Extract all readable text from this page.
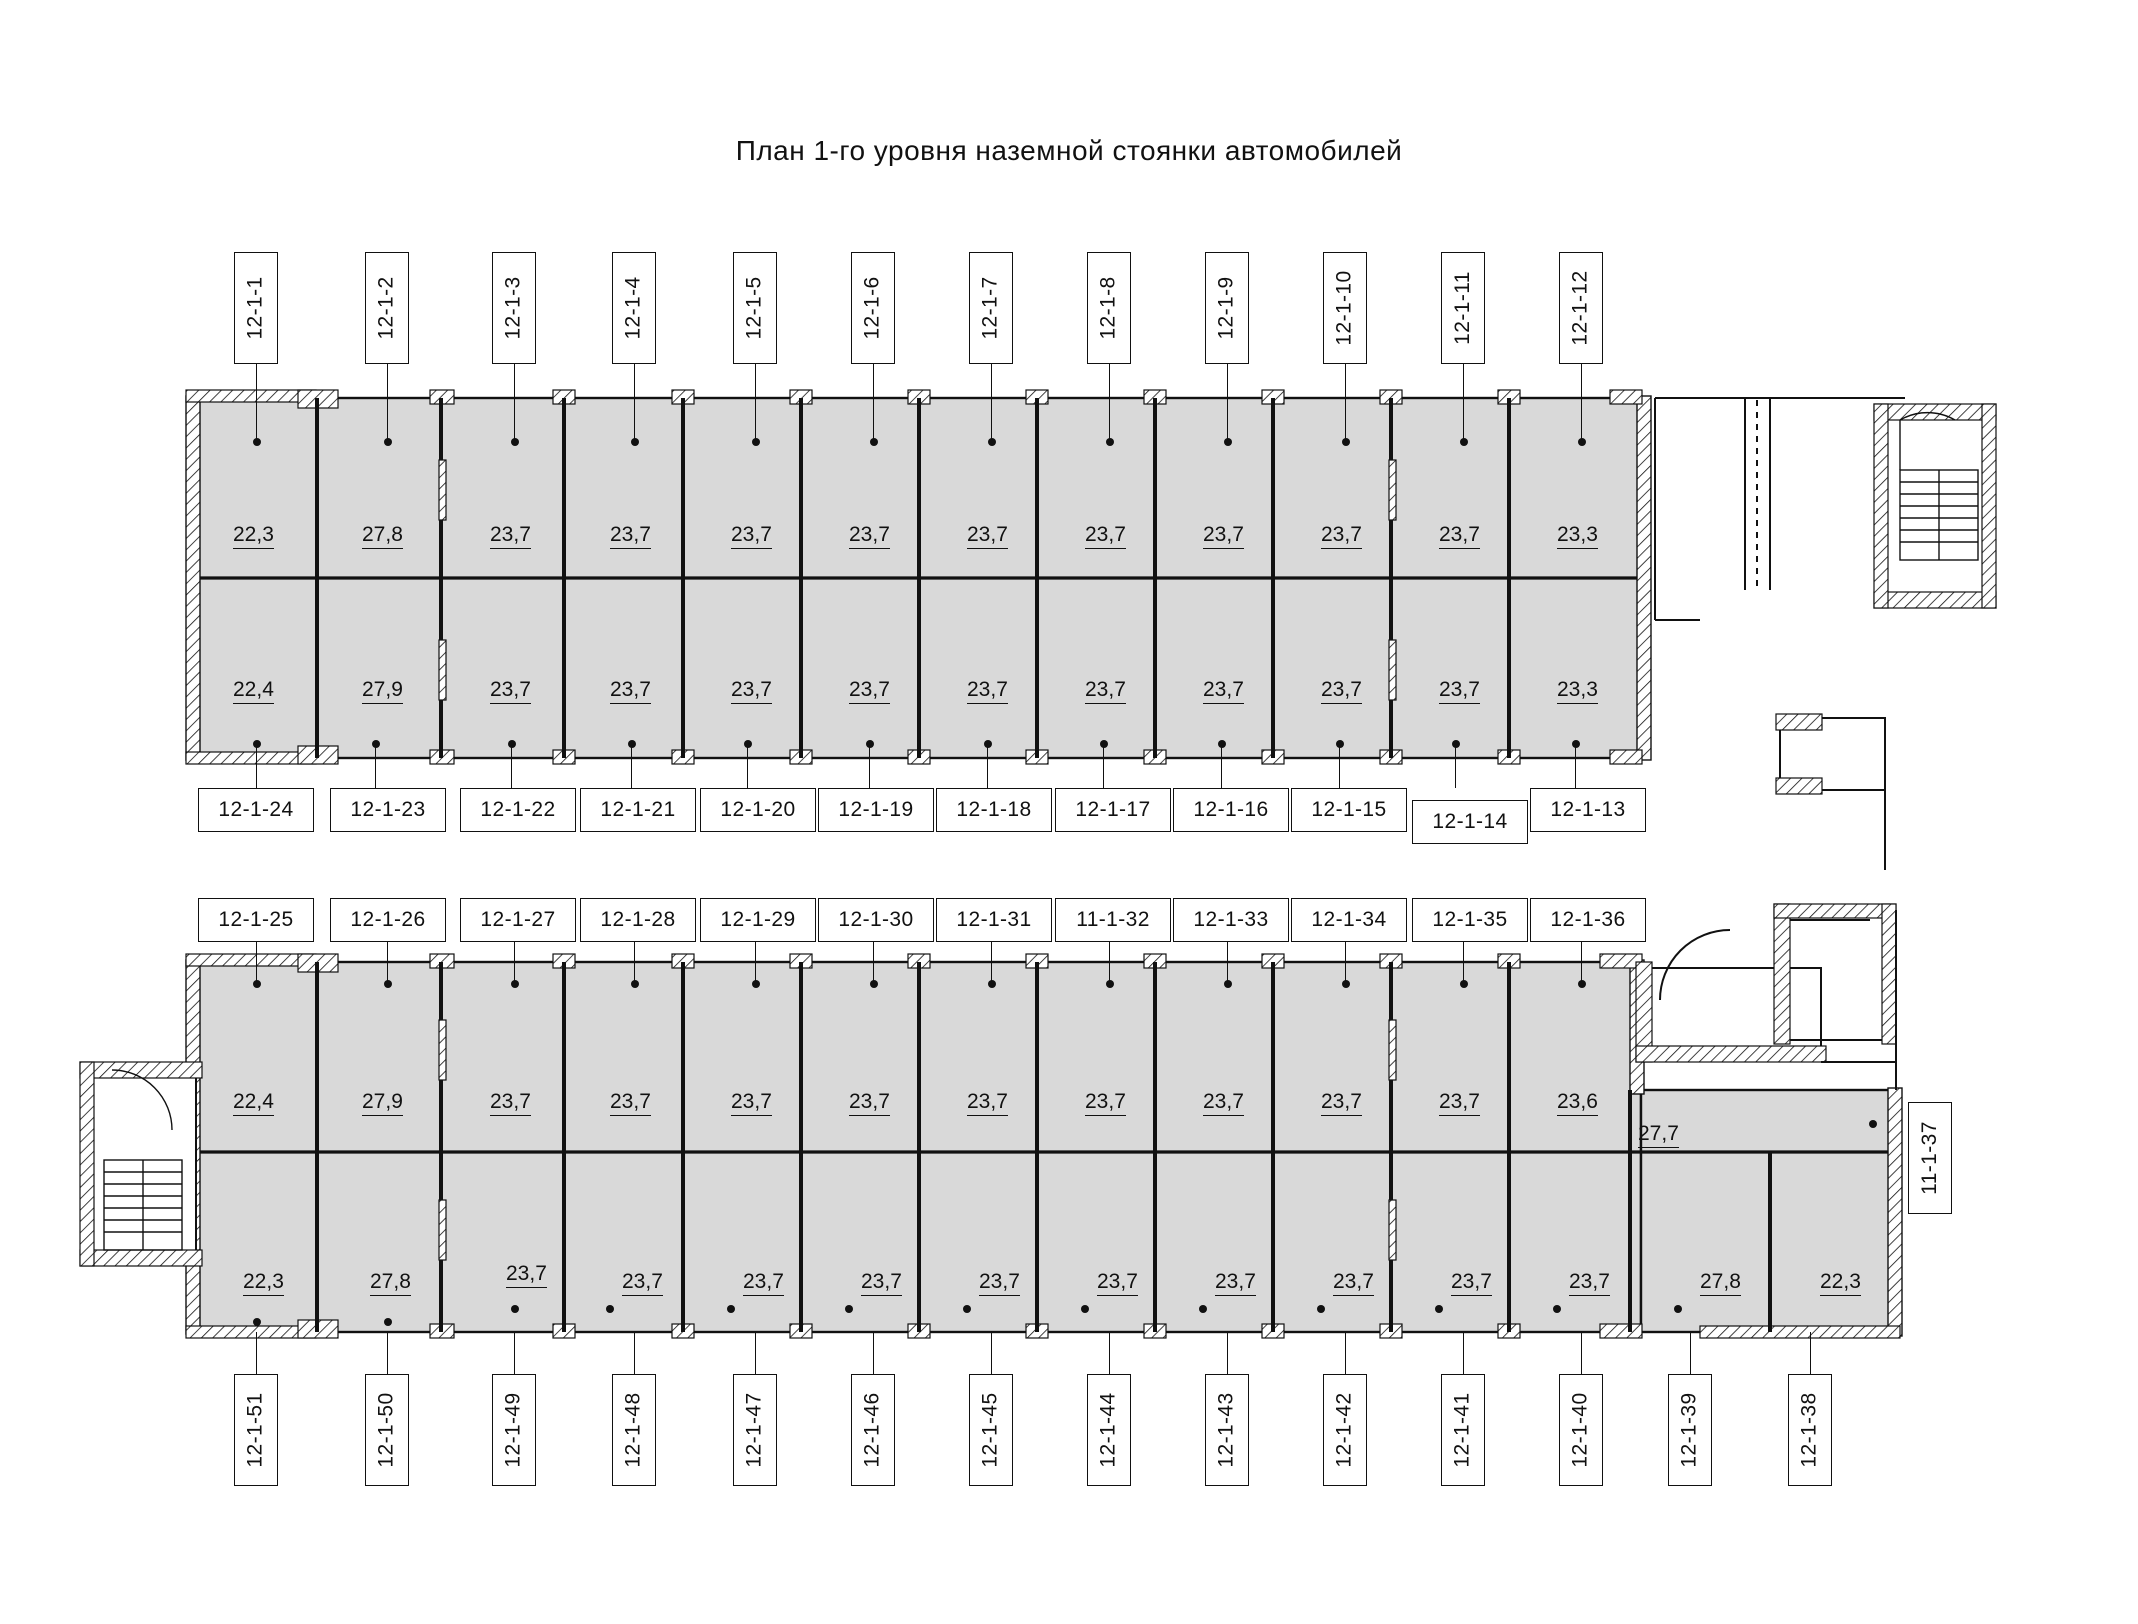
План 1-го уровня наземной стоянки автомобилей
12-1-1
22,3
12-1-2
27,8
12-1-3
23,7
12-1-4
23,7
12-1-5
23,7
12-1-6
23,7
12-1-7
23,7
12-1-8
23,7
12-1-9
23,7
12-1-10
23,7
12-1-11
23,7
12-1-12
23,3
22,4
12-1-24
27,9
12-1-23
23,7
12-1-22
23,7
12-1-21
23,7
12-1-20
23,7
12-1-19
23,7
12-1-18
23,7
12-1-17
23,7
12-1-16
23,7
12-1-15
23,7
12-1-14
23,3
12-1-13
12-1-25
22,4
12-1-26
27,9
12-1-27
23,7
12-1-28
23,7
12-1-29
23,7
12-1-30
23,7
12-1-31
23,7
11-1-32
23,7
12-1-33
23,7
12-1-34
23,7
12-1-35
23,7
12-1-36
23,6
27,7	11-1-37
22,3
12-1-51
27,8
12-1-50
23,7
12-1-49
23,7
12-1-48
23,7
12-1-47
23,7
12-1-46
23,7
12-1-45
23,7
12-1-44
23,7
12-1-43
23,7
12-1-42
23,7
12-1-41
23,7
12-1-40
27,8
12-1-39
22,3
12-1-38
